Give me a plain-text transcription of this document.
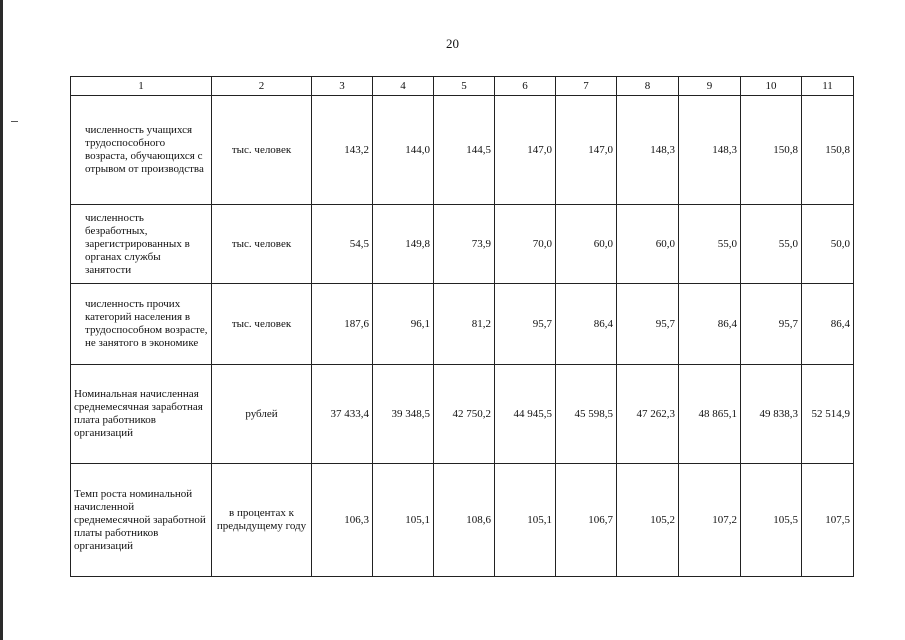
20
1	2	3	4	5	6	7	8	9	10	11
численность учащихся трудоспособного возраста, обучающихся с отрывом от производства	тыс. человек	143,2	144,0	144,5	147,0	147,0	148,3	148,3	150,8	150,8
численность безработных, зарегистрированных в органах службы занятости	тыс. человек	54,5	149,8	73,9	70,0	60,0	60,0	55,0	55,0	50,0
численность прочих категорий населения в трудоспособном возрасте, не занятого в экономике	тыс. человек	187,6	96,1	81,2	95,7	86,4	95,7	86,4	95,7	86,4
Номинальная начисленная среднемесячная заработная плата работников организаций	рублей	37 433,4	39 348,5	42 750,2	44 945,5	45 598,5	47 262,3	48 865,1	49 838,3	52 514,9
Темп роста номинальной начисленной среднемесячной заработной платы работников организаций	в процентах к предыдущему году	106,3	105,1	108,6	105,1	106,7	105,2	107,2	105,5	107,5
